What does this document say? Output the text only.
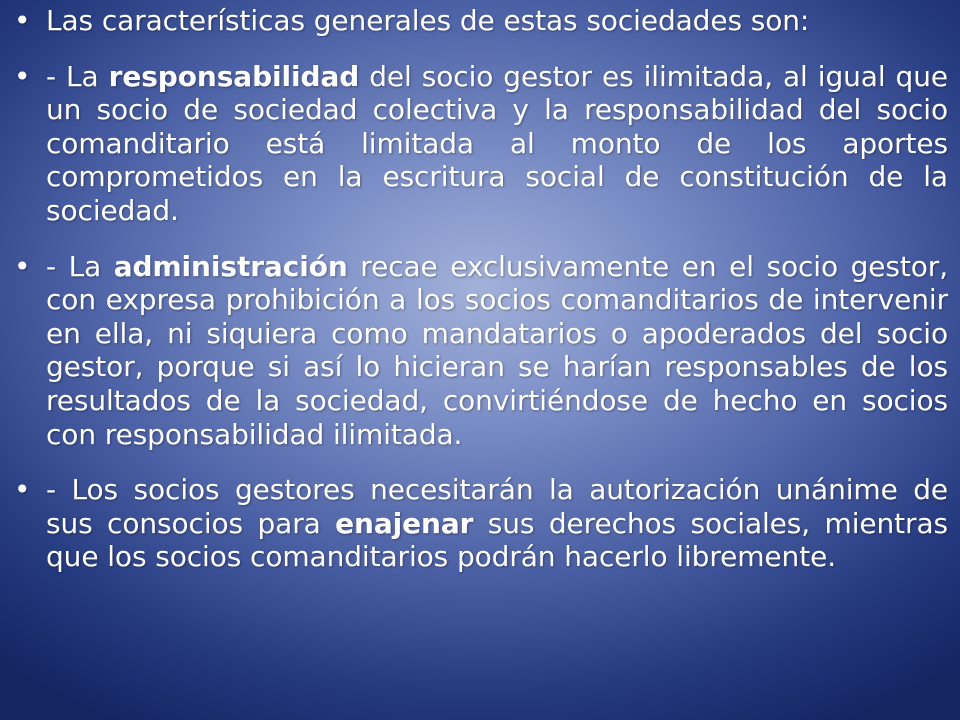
• Las características generales de estas sociedades son:
• - La responsabilidad del socio gestor es ilimitada, al igual que un socio de sociedad colectiva y la responsabilidad del socio comanditario está limitada al monto de los aportes comprometidos en la escritura social de constitución de la sociedad.
• - La administración recae exclusivamente en el socio gestor, con expresa prohibición a los socios comanditarios de intervenir en ella, ni siquiera como mandatarios o apoderados del socio gestor, porque si así lo hicieran se harían responsables de los resultados de la sociedad, convirtiéndose de hecho en socios con responsabilidad ilimitada.
• - Los socios gestores necesitarán la autorización unánime de sus consocios para enajenar sus derechos sociales, mientras que los socios comanditarios podrán hacerlo libremente.
